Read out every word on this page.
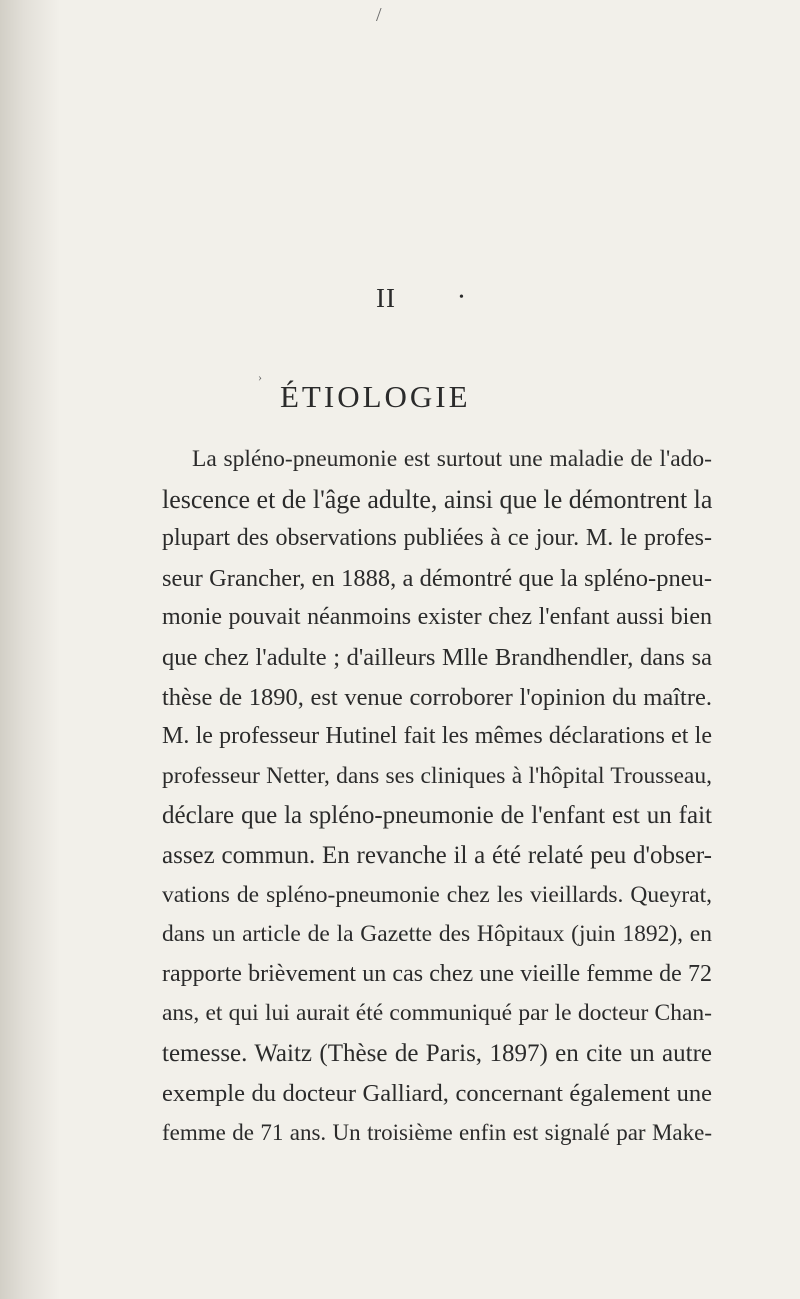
/
II	•
›
ÉTIOLOGIE
La spléno-pneumonie est surtout une maladie de l'ado-
lescence et de l'âge adulte, ainsi que le démontrent la
plupart des observations publiées à ce jour. M. le profes-
seur Grancher, en 1888, a démontré que la spléno-pneu-
monie pouvait néanmoins exister chez l'enfant aussi bien
que chez l'adulte ; d'ailleurs Mlle Brandhendler, dans sa
thèse de 1890, est venue corroborer l'opinion du maître.
M. le professeur Hutinel fait les mêmes déclarations et le
professeur Netter, dans ses cliniques à l'hôpital Trousseau,
déclare que la spléno-pneumonie de l'enfant est un fait
assez commun. En revanche il a été relaté peu d'obser-
vations de spléno-pneumonie chez les vieillards. Queyrat,
dans un article de la Gazette des Hôpitaux (juin 1892), en
rapporte brièvement un cas chez une vieille femme de 72
ans, et qui lui aurait été communiqué par le docteur Chan-
temesse. Waitz (Thèse de Paris, 1897) en cite un autre
exemple du docteur Galliard, concernant également une
femme de 71 ans. Un troisième enfin est signalé par Make-
